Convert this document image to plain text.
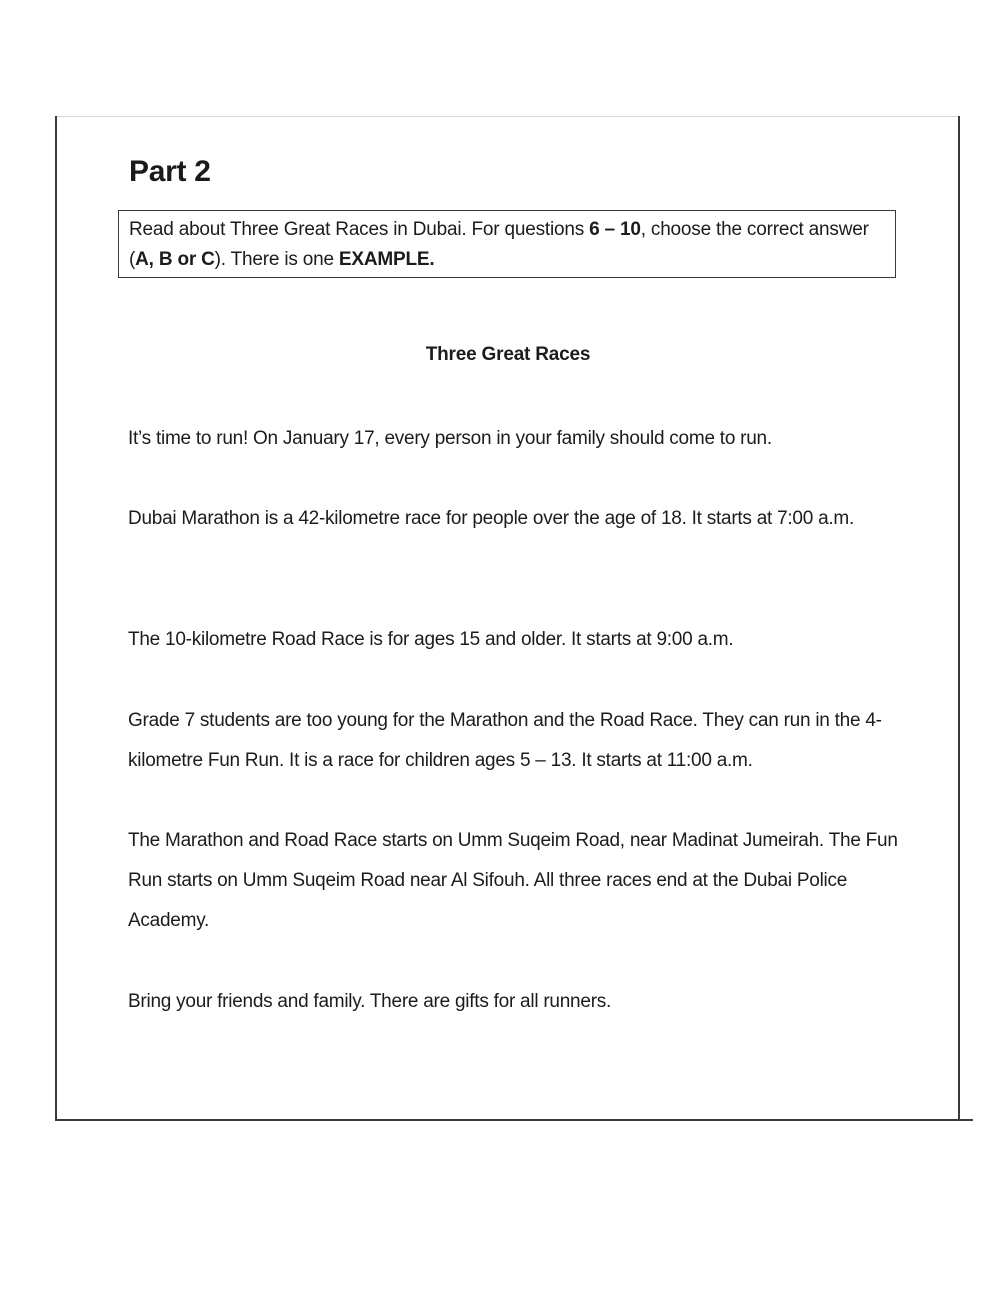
Part 2
Read about Three Great Races in Dubai. For questions 6 – 10, choose the correct answer (A, B or C). There is one EXAMPLE.
Three Great Races

It’s time to run! On January 17, every person in your family should come to run.

Dubai Marathon is a 42-kilometre race for people over the age of 18. It starts at 7:00 a.m.

The 10-kilometre Road Race is for ages 15 and older. It starts at 9:00 a.m.

Grade 7 students are too young for the Marathon and the Road Race. They can run in the 4-kilometre Fun Run. It is a race for children ages 5 – 13. It starts at 11:00 a.m.

The Marathon and Road Race starts on Umm Suqeim Road, near Madinat Jumeirah. The Fun Run starts on Umm Suqeim Road near Al Sifouh. All three races end at the Dubai Police Academy.

Bring your friends and family. There are gifts for all runners.
